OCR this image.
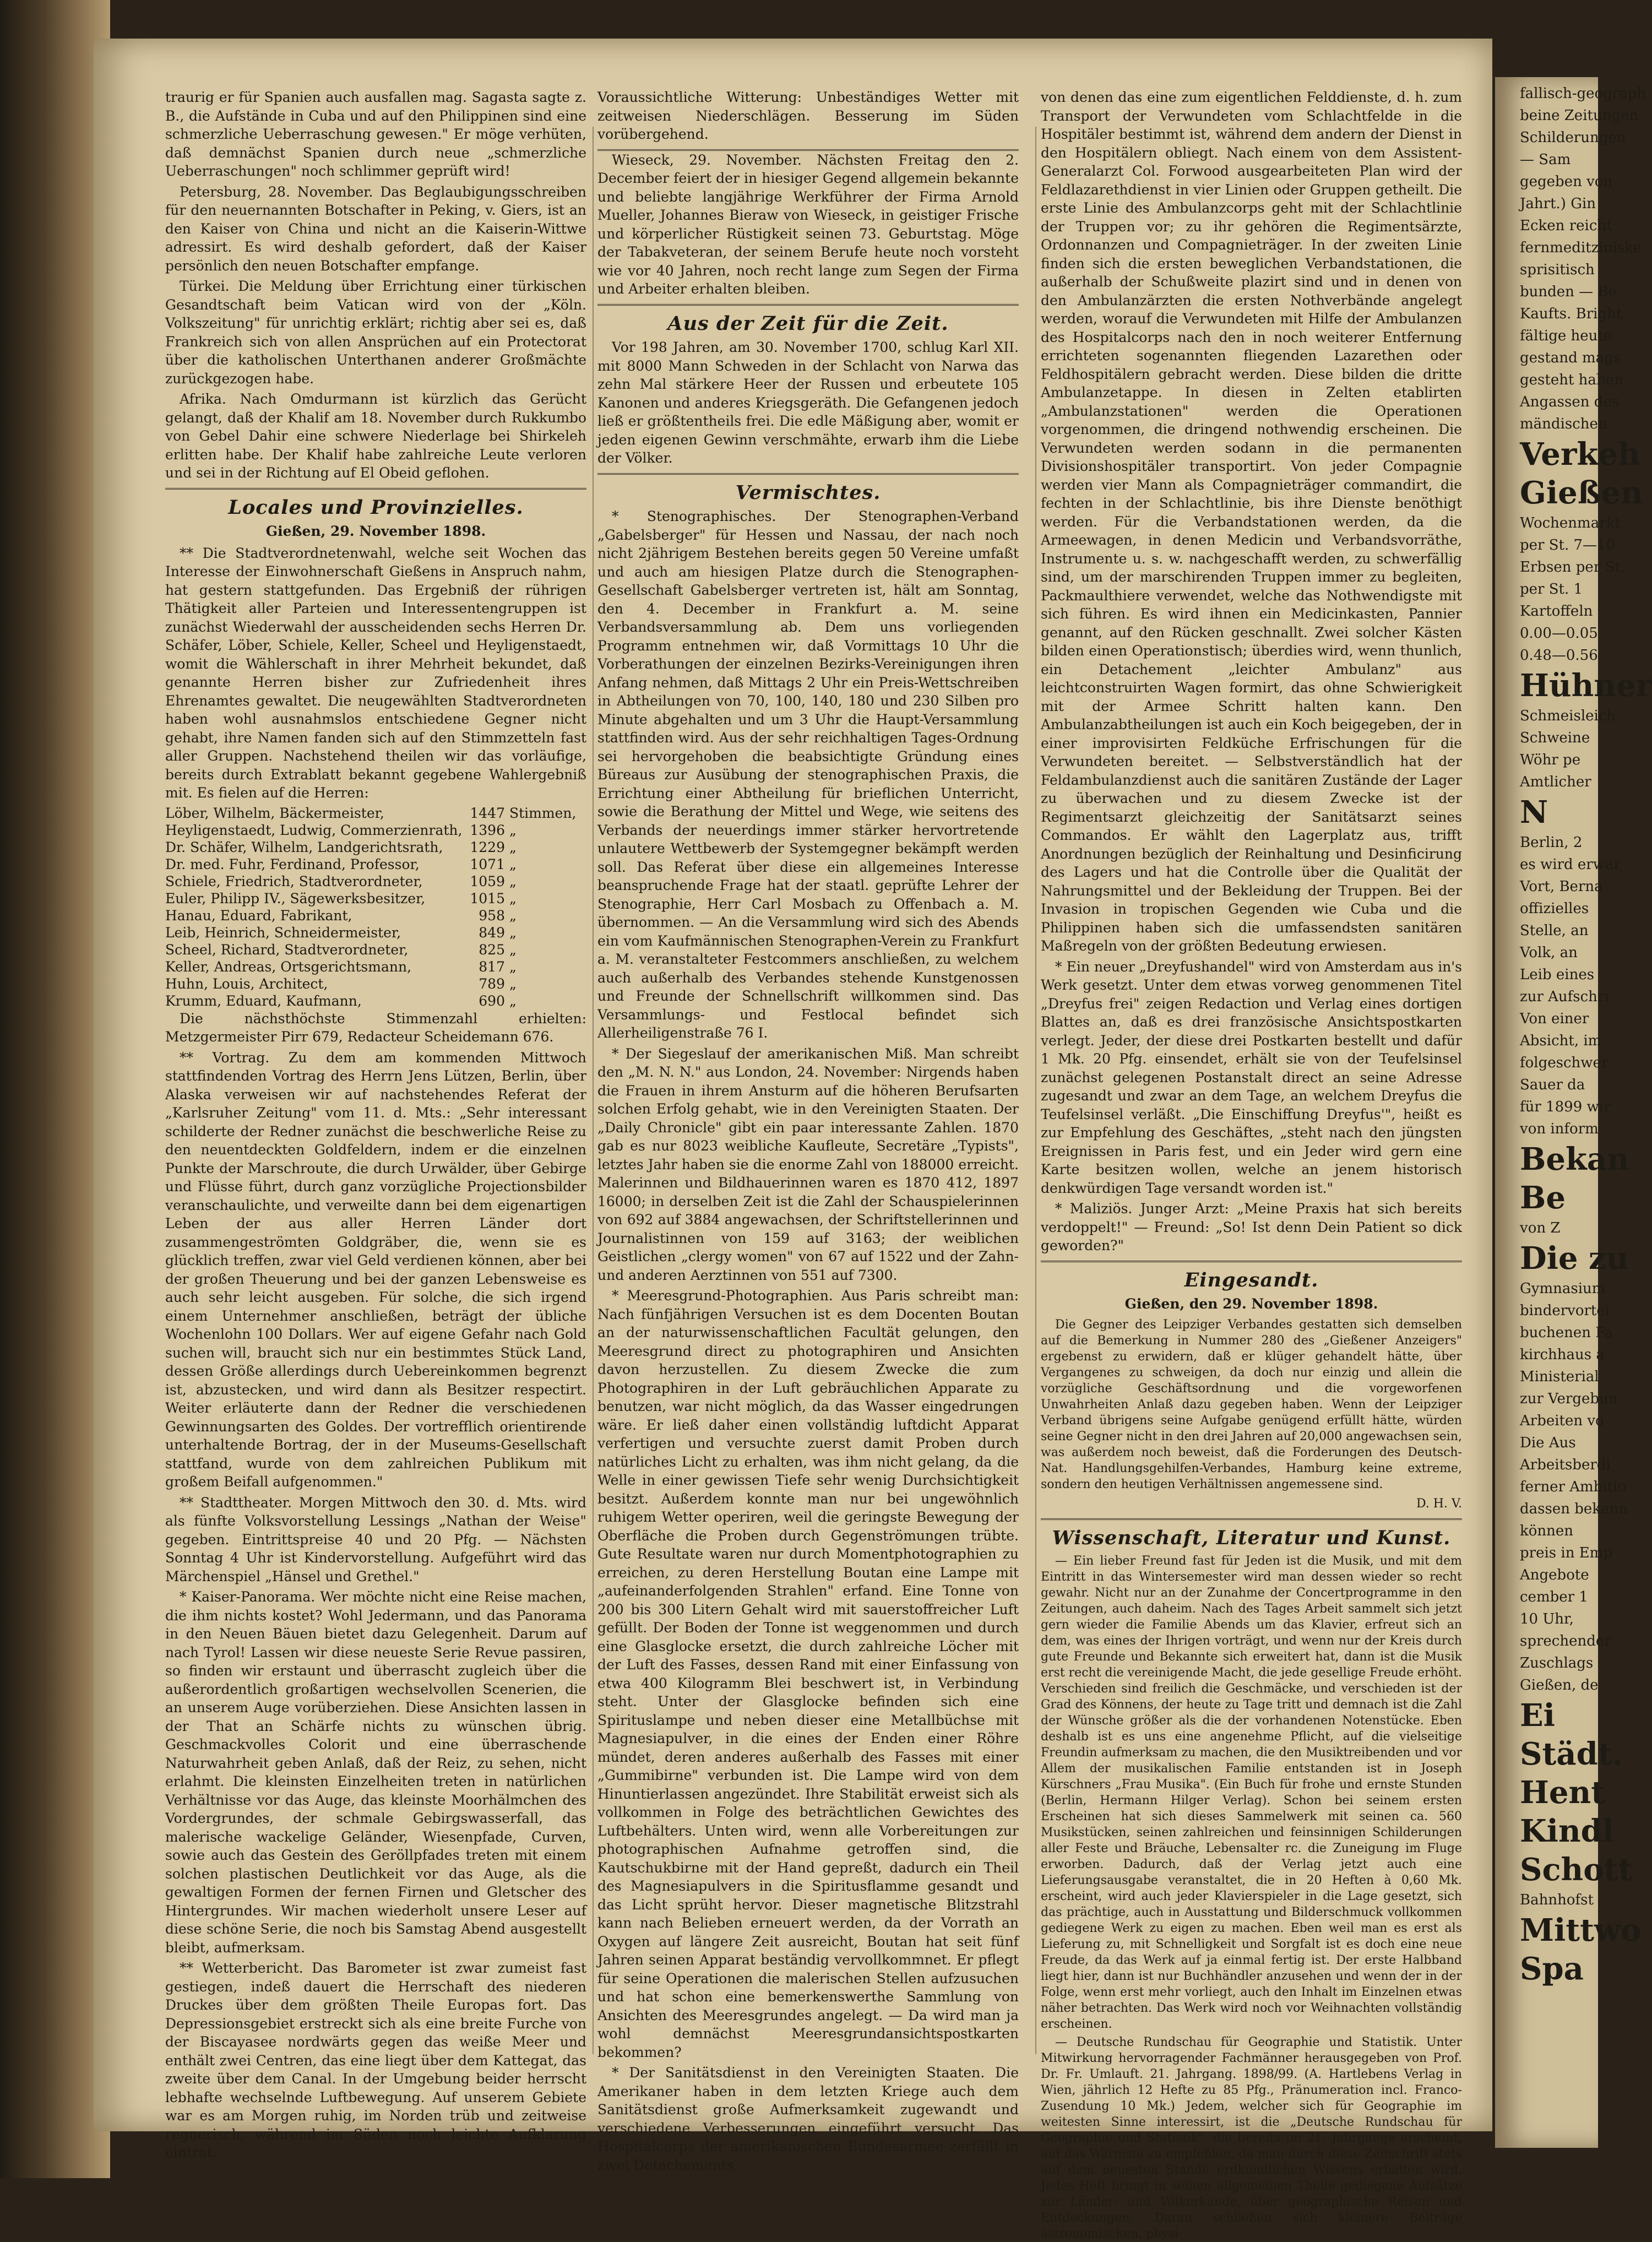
traurig er für Spanien auch ausfallen mag. Sagasta sagte z. B., die Aufstände in Cuba und auf den Philippinen sind eine schmerzliche Ueberraschung gewesen." Er möge verhüten, daß demnächst Spanien durch neue „schmerzliche Ueberraschungen" noch schlimmer geprüft wird!

Petersburg, 28. November. Das Beglaubigungsschreiben für den neuernannten Botschafter in Peking, v. Giers, ist an den Kaiser von China und nicht an die Kaiserin-Wittwe adressirt. Es wird deshalb gefordert, daß der Kaiser persönlich den neuen Botschafter empfange.

Türkei. Die Meldung über Errichtung einer türkischen Gesandtschaft beim Vatican wird von der „Köln. Volkszeitung" für unrichtig erklärt; richtig aber sei es, daß Frankreich sich von allen Ansprüchen auf ein Protectorat über die katholischen Unterthanen anderer Großmächte zurückgezogen habe.

Afrika. Nach Omdurmann ist kürzlich das Gerücht gelangt, daß der Khalif am 18. November durch Rukkumbo von Gebel Dahir eine schwere Niederlage bei Shirkeleh erlitten habe. Der Khalif habe zahlreiche Leute verloren und sei in der Richtung auf El Obeid geflohen.

Locales und Provinzielles.
Gießen, 29. November 1898.

** Die Stadtverordnetenwahl, welche seit Wochen das Interesse der Einwohnerschaft Gießens in Anspruch nahm, hat gestern stattgefunden. Das Ergebniß der rührigen Thätigkeit aller Parteien und Interessentengruppen ist zunächst Wiederwahl der ausscheidenden sechs Herren Dr. Schäfer, Löber, Schiele, Keller, Scheel und Heyligenstaedt, womit die Wählerschaft in ihrer Mehrheit bekundet, daß genannte Herren bisher zur Zufriedenheit ihres Ehrenamtes gewaltet. Die neugewählten Stadtverordneten haben wohl ausnahmslos entschiedene Gegner nicht gehabt, ihre Namen fanden sich auf den Stimmzetteln fast aller Gruppen. Nachstehend theilen wir das vorläufige, bereits durch Extrablatt bekannt gegebene Wahlergebniß mit. Es fielen auf die Herren:

Löber, Wilhelm, Bäckermeister,	1447	Stimmen,
Heyligenstaedt, Ludwig, Commerzienrath,	1396	„
Dr. Schäfer, Wilhelm, Landgerichtsrath,	1229	„
Dr. med. Fuhr, Ferdinand, Professor,	1071	„
Schiele, Friedrich, Stadtverordneter,	1059	„
Euler, Philipp IV., Sägewerksbesitzer,	1015	„
Hanau, Eduard, Fabrikant,	958	„
Leib, Heinrich, Schneidermeister,	849	„
Scheel, Richard, Stadtverordneter,	825	„
Keller, Andreas, Ortsgerichtsmann,	817	„
Huhn, Louis, Architect,	789	„
Krumm, Eduard, Kaufmann,	690	„

Die nächsthöchste Stimmenzahl erhielten: Metzgermeister Pirr 679, Redacteur Scheidemann 676.

** Vortrag. Zu dem am kommenden Mittwoch stattfindenden Vortrag des Herrn Jens Lützen, Berlin, über Alaska verweisen wir auf nachstehendes Referat der „Karlsruher Zeitung" vom 11. d. Mts.: „Sehr interessant schilderte der Redner zunächst die beschwerliche Reise zu den neuentdeckten Goldfeldern, indem er die einzelnen Punkte der Marschroute, die durch Urwälder, über Gebirge und Flüsse führt, durch ganz vorzügliche Projectionsbilder veranschaulichte, und verweilte dann bei dem eigenartigen Leben der aus aller Herren Länder dort zusammengeströmten Goldgräber, die, wenn sie es glücklich treffen, zwar viel Geld verdienen können, aber bei der großen Theuerung und bei der ganzen Lebensweise es auch sehr leicht ausgeben. Für solche, die sich irgend einem Unternehmer anschließen, beträgt der übliche Wochenlohn 100 Dollars. Wer auf eigene Gefahr nach Gold suchen will, braucht sich nur ein bestimmtes Stück Land, dessen Größe allerdings durch Uebereinkommen begrenzt ist, abzustecken, und wird dann als Besitzer respectirt. Weiter erläuterte dann der Redner die verschiedenen Gewinnungsarten des Goldes. Der vortrefflich orientirende unterhaltende Bortrag, der in der Museums-Gesellschaft stattfand, wurde von dem zahlreichen Publikum mit großem Beifall aufgenommen."

** Stadttheater. Morgen Mittwoch den 30. d. Mts. wird als fünfte Volksvorstellung Lessings „Nathan der Weise" gegeben. Eintrittspreise 40 und 20 Pfg. — Nächsten Sonntag 4 Uhr ist Kindervorstellung. Aufgeführt wird das Märchenspiel „Hänsel und Grethel."

* Kaiser-Panorama. Wer möchte nicht eine Reise machen, die ihm nichts kostet? Wohl Jedermann, und das Panorama in den Neuen Bäuen bietet dazu Gelegenheit. Darum auf nach Tyrol! Lassen wir diese neueste Serie Revue passiren, so finden wir erstaunt und überrascht zugleich über die außerordentlich großartigen wechselvollen Scenerien, die an unserem Auge vorüberziehen. Diese Ansichten lassen in der That an Schärfe nichts zu wünschen übrig. Geschmackvolles Colorit und eine überraschende Naturwahrheit geben Anlaß, daß der Reiz, zu sehen, nicht erlahmt. Die kleinsten Einzelheiten treten in natürlichen Verhältnisse vor das Auge, das kleinste Moorhälmchen des Vordergrundes, der schmale Gebirgswasserfall, das malerische wackelige Geländer, Wiesenpfade, Curven, sowie auch das Gestein des Geröllpfades treten mit einem solchen plastischen Deutlichkeit vor das Auge, als die gewaltigen Formen der fernen Firnen und Gletscher des Hintergrundes. Wir machen wiederholt unsere Leser auf diese schöne Serie, die noch bis Samstag Abend ausgestellt bleibt, aufmerksam.

** Wetterbericht. Das Barometer ist zwar zumeist fast gestiegen, indeß dauert die Herrschaft des niederen Druckes über dem größten Theile Europas fort. Das Depressionsgebiet erstreckt sich als eine breite Furche von der Biscayasee nordwärts gegen das weiße Meer und enthält zwei Centren, das eine liegt über dem Kattegat, das zweite über dem Canal. In der Umgebung beider herrscht lebhafte wechselnde Luftbewegung. Auf unserem Gebiete war es am Morgen ruhig, im Norden trüb und zeitweise regnerisch, während im Süden noch leichte Aufklarung eintrat.

Voraussichtliche Witterung: Unbeständiges Wetter mit zeitweisen Niederschlägen. Besserung im Süden vorübergehend.

Wieseck, 29. November. Nächsten Freitag den 2. December feiert der in hiesiger Gegend allgemein bekannte und beliebte langjährige Werkführer der Firma Arnold Mueller, Johannes Bieraw von Wieseck, in geistiger Frische und körperlicher Rüstigkeit seinen 73. Geburtstag. Möge der Tabakveteran, der seinem Berufe heute noch vorsteht wie vor 40 Jahren, noch recht lange zum Segen der Firma und Arbeiter erhalten bleiben.

Aus der Zeit für die Zeit.

Vor 198 Jahren, am 30. November 1700, schlug Karl XII. mit 8000 Mann Schweden in der Schlacht von Narwa das zehn Mal stärkere Heer der Russen und erbeutete 105 Kanonen und anderes Kriegsgeräth. Die Gefangenen jedoch ließ er größtentheils frei. Die edle Mäßigung aber, womit er jeden eigenen Gewinn verschmähte, erwarb ihm die Liebe der Völker.

Vermischtes.

* Stenographisches. Der Stenographen-Verband „Gabelsberger" für Hessen und Nassau, der nach noch nicht 2jährigem Bestehen bereits gegen 50 Vereine umfaßt und auch am hiesigen Platze durch die Stenographen-Gesellschaft Gabelsberger vertreten ist, hält am Sonntag, den 4. December in Frankfurt a. M. seine Verbandsversammlung ab. Dem uns vorliegenden Programm entnehmen wir, daß Vormittags 10 Uhr die Vorberathungen der einzelnen Bezirks-Vereinigungen ihren Anfang nehmen, daß Mittags 2 Uhr ein Preis-Wettschreiben in Abtheilungen von 70, 100, 140, 180 und 230 Silben pro Minute abgehalten und um 3 Uhr die Haupt-Versammlung stattfinden wird. Aus der sehr reichhaltigen Tages-Ordnung sei hervorgehoben die beabsichtigte Gründung eines Büreaus zur Ausübung der stenographischen Praxis, die Errichtung einer Abtheilung für brieflichen Unterricht, sowie die Berathung der Mittel und Wege, wie seitens des Verbands der neuerdings immer stärker hervortretende unlautere Wettbewerb der Systemgegner bekämpft werden soll. Das Referat über diese ein allgemeines Interesse beanspruchende Frage hat der staatl. geprüfte Lehrer der Stenographie, Herr Carl Mosbach zu Offenbach a. M. übernommen. — An die Versammlung wird sich des Abends ein vom Kaufmännischen Stenographen-Verein zu Frankfurt a. M. veranstalteter Festcommers anschließen, zu welchem auch außerhalb des Verbandes stehende Kunstgenossen und Freunde der Schnellschrift willkommen sind. Das Versammlungs- und Festlocal befindet sich Allerheiligenstraße 76 I.

* Der Siegeslauf der amerikanischen Miß. Man schreibt den „M. N. N." aus London, 24. November: Nirgends haben die Frauen in ihrem Ansturm auf die höheren Berufsarten solchen Erfolg gehabt, wie in den Vereinigten Staaten. Der „Daily Chronicle" gibt ein paar interessante Zahlen. 1870 gab es nur 8023 weibliche Kaufleute, Secretäre „Typists", letztes Jahr haben sie die enorme Zahl von 188000 erreicht. Malerinnen und Bildhauerinnen waren es 1870 412, 1897 16000; in derselben Zeit ist die Zahl der Schauspielerinnen von 692 auf 3884 angewachsen, der Schriftstellerinnen und Journalistinnen von 159 auf 3163; der weiblichen Geistlichen „clergy women" von 67 auf 1522 und der Zahn- und anderen Aerztinnen von 551 auf 7300.

* Meeresgrund-Photographien. Aus Paris schreibt man: Nach fünfjährigen Versuchen ist es dem Docenten Boutan an der naturwissenschaftlichen Facultät gelungen, den Meeresgrund direct zu photographiren und Ansichten davon herzustellen. Zu diesem Zwecke die zum Photographiren in der Luft gebräuchlichen Apparate zu benutzen, war nicht möglich, da das Wasser eingedrungen wäre. Er ließ daher einen vollständig luftdicht Apparat verfertigen und versuchte zuerst damit Proben durch natürliches Licht zu erhalten, was ihm nicht gelang, da die Welle in einer gewissen Tiefe sehr wenig Durchsichtigkeit besitzt. Außerdem konnte man nur bei ungewöhnlich ruhigem Wetter operiren, weil die geringste Bewegung der Oberfläche die Proben durch Gegenströmungen trübte. Gute Resultate waren nur durch Momentphotographien zu erreichen, zu deren Herstellung Boutan eine Lampe mit „aufeinanderfolgenden Strahlen" erfand. Eine Tonne von 200 bis 300 Litern Gehalt wird mit sauerstoffreicher Luft gefüllt. Der Boden der Tonne ist weggenommen und durch eine Glasglocke ersetzt, die durch zahlreiche Löcher mit der Luft des Fasses, dessen Rand mit einer Einfassung von etwa 400 Kilogramm Blei beschwert ist, in Verbindung steht. Unter der Glasglocke befinden sich eine Spirituslampe und neben dieser eine Metallbüchse mit Magnesiapulver, in die eines der Enden einer Röhre mündet, deren anderes außerhalb des Fasses mit einer „Gummibirne" verbunden ist. Die Lampe wird von dem Hinuntierlassen angezündet. Ihre Stabilität erweist sich als vollkommen in Folge des beträchtlichen Gewichtes des Luftbehälters. Unten wird, wenn alle Vorbereitungen zur photographischen Aufnahme getroffen sind, die Kautschukbirne mit der Hand gepreßt, dadurch ein Theil des Magnesiapulvers in die Spiritusflamme gesandt und das Licht sprüht hervor. Dieser magnetische Blitzstrahl kann nach Belieben erneuert werden, da der Vorrath an Oxygen auf längere Zeit ausreicht, Boutan hat seit fünf Jahren seinen Apparat beständig vervollkommnet. Er pflegt für seine Operationen die malerischen Stellen aufzusuchen und hat schon eine bemerkenswerthe Sammlung von Ansichten des Meeresgrundes angelegt. — Da wird man ja wohl demnächst Meeresgrundansichtspostkarten bekommen?

* Der Sanitätsdienst in den Vereinigten Staaten. Die Amerikaner haben in dem letzten Kriege auch dem Sanitätsdienst große Aufmerksamkeit zugewandt und verschiedene Verbesserungen eingeführt versucht. Das Hospitalcorps der amerikanischen Bundesarmee zerfällt in zwei Detachements,

von denen das eine zum eigentlichen Felddienste, d. h. zum Transport der Verwundeten vom Schlachtfelde in die Hospitäler bestimmt ist, während dem andern der Dienst in den Hospitälern obliegt. Nach einem von dem Assistent-Generalarzt Col. Forwood ausgearbeiteten Plan wird der Feldlazarethdienst in vier Linien oder Gruppen getheilt. Die erste Linie des Ambulanzcorps geht mit der Schlachtlinie der Truppen vor; zu ihr gehören die Regimentsärzte, Ordonnanzen und Compagnieträger. In der zweiten Linie finden sich die ersten beweglichen Verbandstationen, die außerhalb der Schußweite plazirt sind und in denen von den Ambulanzärzten die ersten Nothverbände angelegt werden, worauf die Verwundeten mit Hilfe der Ambulanzen des Hospitalcorps nach den in noch weiterer Entfernung errichteten sogenannten fliegenden Lazarethen oder Feldhospitälern gebracht werden. Diese bilden die dritte Ambulanzetappe. In diesen in Zelten etablirten „Ambulanzstationen" werden die Operationen vorgenommen, die dringend nothwendig erscheinen. Die Verwundeten werden sodann in die permanenten Divisionshospitäler transportirt. Von jeder Compagnie werden vier Mann als Compagnieträger commandirt, die fechten in der Schlachtlinie, bis ihre Dienste benöthigt werden. Für die Verbandstationen werden, da die Armeewagen, in denen Medicin und Verbandsvorräthe, Instrumente u. s. w. nachgeschafft werden, zu schwerfällig sind, um der marschirenden Truppen immer zu begleiten, Packmaulthiere verwendet, welche das Nothwendigste mit sich führen. Es wird ihnen ein Medicinkasten, Pannier genannt, auf den Rücken geschnallt. Zwei solcher Kästen bilden einen Operationstisch; überdies wird, wenn thunlich, ein Detachement „leichter Ambulanz" aus leichtconstruirten Wagen formirt, das ohne Schwierigkeit mit der Armee Schritt halten kann. Den Ambulanzabtheilungen ist auch ein Koch beigegeben, der in einer improvisirten Feldküche Erfrischungen für die Verwundeten bereitet. — Selbstverständlich hat der Feldambulanzdienst auch die sanitären Zustände der Lager zu überwachen und zu diesem Zwecke ist der Regimentsarzt gleichzeitig der Sanitätsarzt seines Commandos. Er wählt den Lagerplatz aus, trifft Anordnungen bezüglich der Reinhaltung und Desinficirung des Lagers und hat die Controlle über die Qualität der Nahrungsmittel und der Bekleidung der Truppen. Bei der Invasion in tropischen Gegenden wie Cuba und die Philippinen haben sich die umfassendsten sanitären Maßregeln von der größten Bedeutung erwiesen.

* Ein neuer „Dreyfushandel" wird von Amsterdam aus in's Werk gesetzt. Unter dem etwas vorweg genommenen Titel „Dreyfus frei" zeigen Redaction und Verlag eines dortigen Blattes an, daß es drei französische Ansichtspostkarten verlegt. Jeder, der diese drei Postkarten bestellt und dafür 1 Mk. 20 Pfg. einsendet, erhält sie von der Teufelsinsel zunächst gelegenen Postanstalt direct an seine Adresse zugesandt und zwar an dem Tage, an welchem Dreyfus die Teufelsinsel verläßt. „Die Einschiffung Dreyfus'", heißt es zur Empfehlung des Geschäftes, „steht nach den jüngsten Ereignissen in Paris fest, und ein Jeder wird gern eine Karte besitzen wollen, welche an jenem historisch denkwürdigen Tage versandt worden ist."

* Maliziös. Junger Arzt: „Meine Praxis hat sich bereits verdoppelt!" — Freund: „So! Ist denn Dein Patient so dick geworden?"

Eingesandt.
Gießen, den 29. November 1898.

Die Gegner des Leipziger Verbandes gestatten sich demselben auf die Bemerkung in Nummer 280 des „Gießener Anzeigers" ergebenst zu erwidern, daß er klüger gehandelt hätte, über Vergangenes zu schweigen, da doch nur einzig und allein die vorzügliche Geschäftsordnung und die vorgeworfenen Unwahrheiten Anlaß dazu gegeben haben. Wenn der Leipziger Verband übrigens seine Aufgabe genügend erfüllt hätte, würden seine Gegner nicht in den drei Jahren auf 20,000 angewachsen sein, was außerdem noch beweist, daß die Forderungen des Deutsch-Nat. Handlungsgehilfen-Verbandes, Hamburg keine extreme, sondern den heutigen Verhältnissen angemessene sind.

D. H. V.
Wissenschaft, Literatur und Kunst.

— Ein lieber Freund fast für Jeden ist die Musik, und mit dem Eintritt in das Wintersemester wird man dessen wieder so recht gewahr. Nicht nur an der Zunahme der Concertprogramme in den Zeitungen, auch daheim. Nach des Tages Arbeit sammelt sich jetzt gern wieder die Familie Abends um das Klavier, erfreut sich an dem, was eines der Ihrigen vorträgt, und wenn nur der Kreis durch gute Freunde und Bekannte sich erweitert hat, dann ist die Musik erst recht die vereinigende Macht, die jede gesellige Freude erhöht. Verschieden sind freilich die Geschmäcke, und verschieden ist der Grad des Könnens, der heute zu Tage tritt und demnach ist die Zahl der Wünsche größer als die der vorhandenen Notenstücke. Eben deshalb ist es uns eine angenehme Pflicht, auf die vielseitige Freundin aufmerksam zu machen, die den Musiktreibenden und vor Allem der musikalischen Familie entstanden ist in Joseph Kürschners „Frau Musika". (Ein Buch für frohe und ernste Stunden (Berlin, Hermann Hilger Verlag). Schon bei seinem ersten Erscheinen hat sich dieses Sammelwerk mit seinen ca. 560 Musikstücken, seinen zahlreichen und feinsinnigen Schilderungen aller Feste und Bräuche, Lebensalter rc. die Zuneigung im Fluge erworben. Dadurch, daß der Verlag jetzt auch eine Lieferungsausgabe veranstaltet, die in 20 Heften à 0,60 Mk. erscheint, wird auch jeder Klavierspieler in die Lage gesetzt, sich das prächtige, auch in Ausstattung und Bilderschmuck vollkommen gediegene Werk zu eigen zu machen. Eben weil man es erst als Lieferung zu, mit Schnelligkeit und Sorgfalt ist es doch eine neue Freude, da das Werk auf ja einmal fertig ist. Der erste Halbband liegt hier, dann ist nur Buchhändler anzusehen und wenn der in der Folge, wenn erst mehr vorliegt, auch den Inhalt im Einzelnen etwas näher betrachten. Das Werk wird noch vor Weihnachten vollständig erscheinen.

— Deutsche Rundschau für Geographie und Statistik. Unter Mitwirkung hervorragender Fachmänner herausgegeben von Prof. Dr. Fr. Umlauft. 21. Jahrgang. 1898/99. (A. Hartlebens Verlag in Wien, jährlich 12 Hefte zu 85 Pfg., Pränumeration incl. Franco-Zusendung 10 Mk.) Jedem, welcher sich für Geographie im weitesten Sinne interessirt, ist die „Deutsche Rundschau für Geographie und Statistik", die bereits im 21. Jahrgange erscheint, auf das Wärmste zu empfehlen, da man durch diese Zeitschrift stets auf dem neuesten Stande erdkundlichen Wissens erhalten wird. Jedes Heft bringt in seinen allgemeinen Theile gediegene Aufsätze zur Länder- und Völkerkunde, über geographische Reisen und Entdeckungen. Daran schließen sich kleinere Beiträge astronomischen, physi-

fallisch-geograph
beine Zeitungen
Schilderungen
— Sam
gegeben von
Jahrt.) Gin
Ecken reicht
fernmeditziniske
sprisitisch
bunden — Be
Kaufts. Bright
fältige heute
gestand mags
gesteht haben
Angassen des
mändischen
Verkeh
Gießen
Wochenmarkt
per St. 7—10
Erbsen per St.
per St. 1
Kartoffeln
0.00—0.05
0.48—0.56
Hühner
Schmeisleich
Schweine
Wöhr pe
Amtlicher
N
Berlin, 2
es wird erwar
Vort, Berna
offizielles
Stelle, an
Volk, an
Leib eines
zur Aufschri
Von einer
Absicht, im
folgeschwer
Sauer da
für 1899 wir
von inform
Bekan
Be
von Z
Die zu
Gymnasium
bindervortei
buchenen Fa
kirchhaus a
Ministerial
zur Vergebun
Arbeiten vo
Die Aus
Arbeitsberdi
ferner Ambitio
dassen bekann
können
preis in Emp
Angebote
cember 1
10 Uhr,
sprechender
Zuschlags
Gießen, de
Ei
Städt.
Hent
Kindl
Schott
Bahnhofst
Mittwo
Spa
